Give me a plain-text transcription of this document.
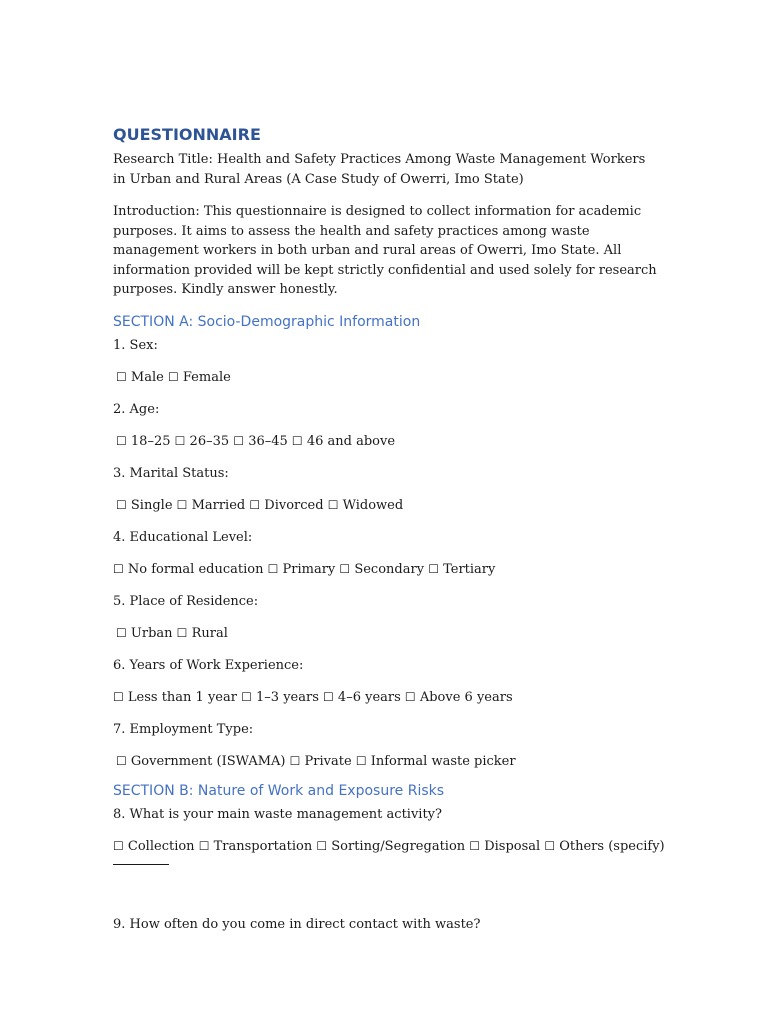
QUESTIONNAIRE
Research Title: Health and Safety Practices Among Waste Management Workers in Urban and Rural Areas (A Case Study of Owerri, Imo State)
Introduction: This questionnaire is designed to collect information for academic purposes. It aims to assess the health and safety practices among waste management workers in both urban and rural areas of Owerri, Imo State. All information provided will be kept strictly confidential and used solely for research purposes. Kindly answer honestly.
SECTION A: Socio-Demographic Information
1. Sex:
☐ Male ☐ Female
2. Age:
☐ 18–25 ☐ 26–35 ☐ 36–45 ☐ 46 and above
3. Marital Status:
☐ Single ☐ Married ☐ Divorced ☐ Widowed
4. Educational Level:
☐ No formal education ☐ Primary ☐ Secondary ☐ Tertiary
5. Place of Residence:
☐ Urban ☐ Rural
6. Years of Work Experience:
☐ Less than 1 year ☐ 1–3 years ☐ 4–6 years ☐ Above 6 years
7. Employment Type:
☐ Government (ISWAMA) ☐ Private ☐ Informal waste picker
SECTION B: Nature of Work and Exposure Risks
8. What is your main waste management activity?
☐ Collection ☐ Transportation ☐ Sorting/Segregation ☐ Disposal ☐ Others (specify)
9. How often do you come in direct contact with waste?
